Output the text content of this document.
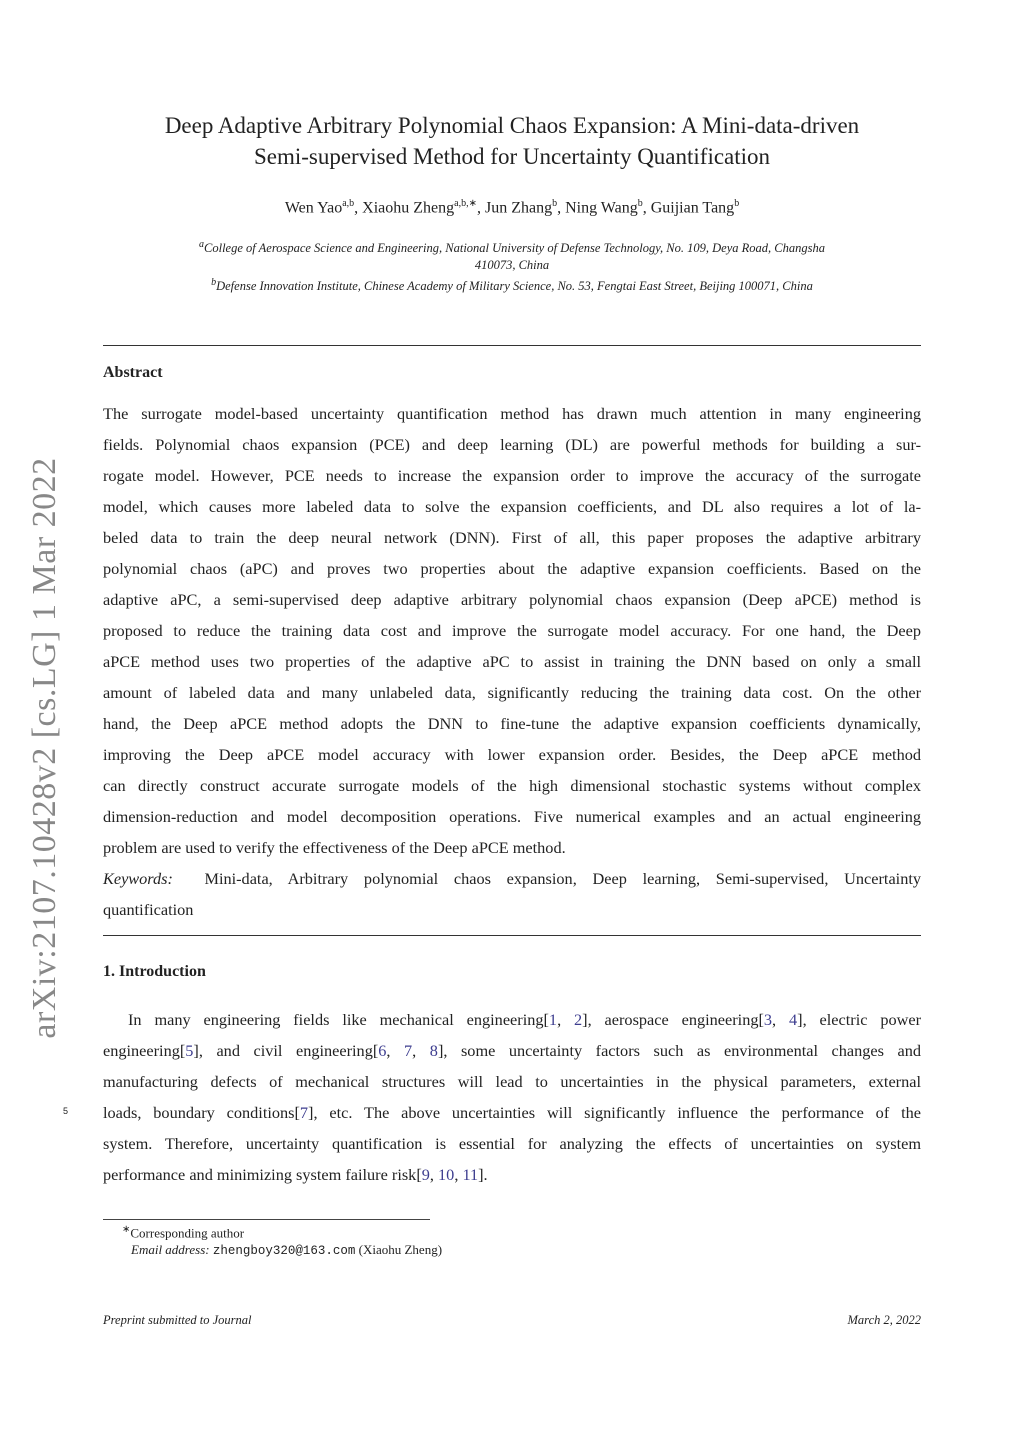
arXiv:2107.10428v2 [cs.LG] 1 Mar 2022
Deep Adaptive Arbitrary Polynomial Chaos Expansion: A Mini-data-driven
Semi-supervised Method for Uncertainty Quantification
Wen Yao$^{a,b}$, Xiaohu Zheng$^{a,b,∗}$, Jun Zhang$^b$, Ning Wang$^b$, Guijian Tang$^b$
$^a$College of Aerospace Science and Engineering, National University of Defense Technology, No. 109, Deya Road, Changsha
410073, China
$^b$Defense Innovation Institute, Chinese Academy of Military Science, No. 53, Fengtai East Street, Beijing 100071, China
Abstract
The surrogate model-based uncertainty quantification method has drawn much attention in many engineering
fields. Polynomial chaos expansion (PCE) and deep learning (DL) are powerful methods for building a sur-
rogate model. However, PCE needs to increase the expansion order to improve the accuracy of the surrogate
model, which causes more labeled data to solve the expansion coefficients, and DL also requires a lot of la-
beled data to train the deep neural network (DNN). First of all, this paper proposes the adaptive arbitrary
polynomial chaos (aPC) and proves two properties about the adaptive expansion coefficients. Based on the
adaptive aPC, a semi-supervised deep adaptive arbitrary polynomial chaos expansion (Deep aPCE) method is
proposed to reduce the training data cost and improve the surrogate model accuracy. For one hand, the Deep
aPCE method uses two properties of the adaptive aPC to assist in training the DNN based on only a small
amount of labeled data and many unlabeled data, significantly reducing the training data cost. On the other
hand, the Deep aPCE method adopts the DNN to fine-tune the adaptive expansion coefficients dynamically,
improving the Deep aPCE model accuracy with lower expansion order. Besides, the Deep aPCE method
can directly construct accurate surrogate models of the high dimensional stochastic systems without complex
dimension-reduction and model decomposition operations. Five numerical examples and an actual engineering
problem are used to verify the effectiveness of the Deep aPCE method.
Keywords: Mini-data, Arbitrary polynomial chaos expansion, Deep learning, Semi-supervised, Uncertainty
quantification
1. Introduction
5
In many engineering fields like mechanical engineering[1, 2], aerospace engineering[3, 4], electric power
engineering[5], and civil engineering[6, 7, 8], some uncertainty factors such as environmental changes and
manufacturing defects of mechanical structures will lead to uncertainties in the physical parameters, external
loads, boundary conditions[7], etc. The above uncertainties will significantly influence the performance of the
system. Therefore, uncertainty quantification is essential for analyzing the effects of uncertainties on system
performance and minimizing system failure risk[9, 10, 11].
∗Corresponding author
Email address: zhengboy320@163.com (Xiaohu Zheng)
Preprint submitted to Journal	March 2, 2022
